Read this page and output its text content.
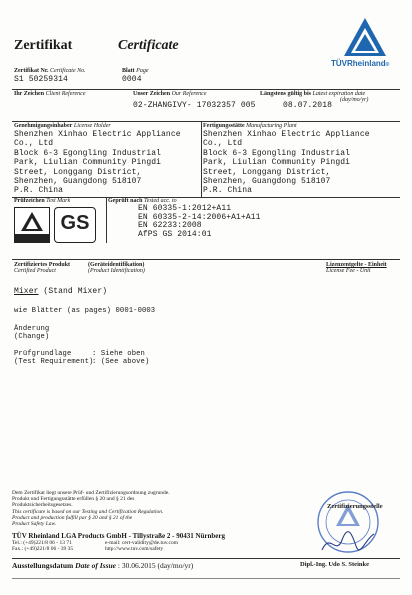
Zertifikat	Certificate
TÜVRheinland®
Zertifikat Nr. Certificate No.
S1 50259314
Blatt Page
0004
Ihr Zeichen Client Reference	Unser Zeichen Our Reference	Längstens gültig bis Latest expiration date
(day/mo/yr)
02-ZHANGIVY- 17032357 005	08.07.2018
Genehmigungsinhaber License Holder	Fertigungsstätte Manufacturing Plant
Shenzhen Xinhao Electric Appliance
Co., Ltd
Block 6-3 Egongling Industrial
Park, Liulian Community Pingdi
Street, Longgang District,
Shenzhen, Guangdong 518107
P.R. China
Shenzhen Xinhao Electric Appliance
Co., Ltd
Block 6-3 Egongling Industrial
Park, Liulian Community Pingdi
Street, Longgang District,
Shenzhen, Guangdong 518107
P.R. China
Prüfzeichen Test Mark
GS
Geprüft nach Tested acc. to
EN 60335-1:2012+A11
EN 60335-2-14:2006+A1+A11
EN 62233:2008
AfPS GS 2014:01
Zertifiziertes Produkt
Certified Product
(Geräteidentifikation)
(Product Identification)
Lizenzentgelte - Einheit
License Fee - Unit
Mixer (Stand Mixer)
wie Blätter (as pages) 0001-0003
Änderung
(Change)
Prüfgrundlage	: Siehe oben
(Test Requirement): (See above)
Dem Zertifikat liegt unsere Prüf- und Zertifizierungsordnung zugrunde.
Produkt und Fertigungsstätte erfüllen § 20 und § 21 des
Produktsicherheitsgesetzes.
This certificate is based on our Testing and Certification Regulation.
Product and production fulfill par § 20 and § 21 of the
Product Safety Law.
TÜV Rheinland LGA Products GmbH - Tillystraße 2 - 90431 Nürnberg
Tel.: (+49)221/8 06 - 13 71	e-mail: cert-validity@de.tuv.com
Fax.: (+49)221/8 06 - 39 35	http://www.tuv.com/safety
Zertifizierungsstelle
Ausstellungsdatum Date of Issue : 30.06.2015 (day/mo/yr)	Dipl.-Ing. Udo S. Steinke
